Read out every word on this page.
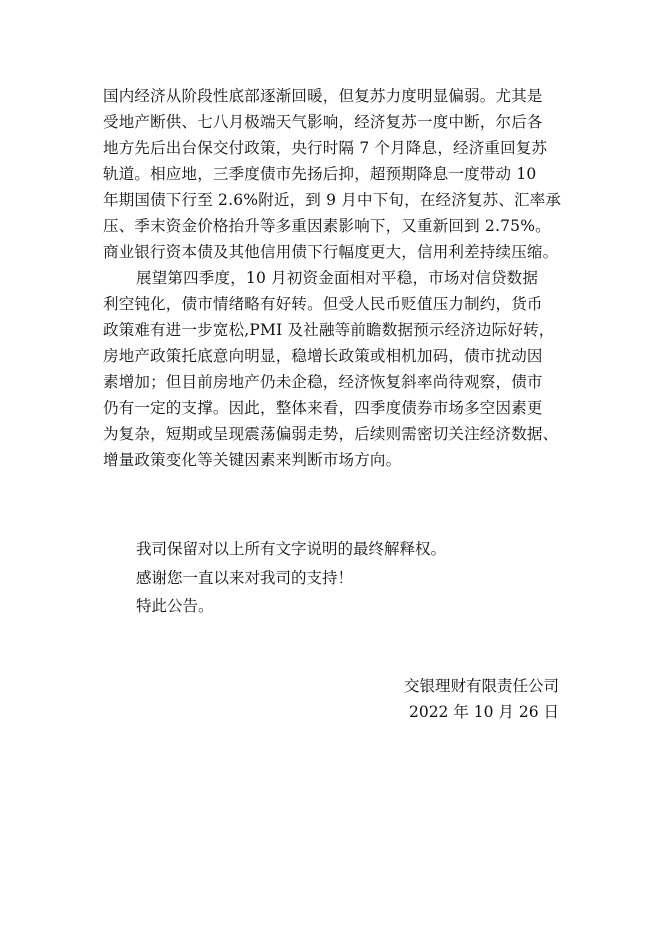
国内经济从阶段性底部逐渐回暖，但复苏力度明显偏弱。尤其是
受地产断供、七八月极端天气影响，经济复苏一度中断，尔后各
地方先后出台保交付政策，央行时隔 7 个月降息，经济重回复苏
轨道。相应地，三季度债市先扬后抑，超预期降息一度带动 10
年期国债下行至 2.6%附近，到 9 月中下旬，在经济复苏、汇率承
压、季末资金价格抬升等多重因素影响下，又重新回到 2.75%。
商业银行资本债及其他信用债下行幅度更大，信用利差持续压缩。
展望第四季度，10 月初资金面相对平稳，市场对信贷数据
利空钝化，债市情绪略有好转。但受人民币贬值压力制约，货币
政策难有进一步宽松,PMI 及社融等前瞻数据预示经济边际好转，
房地产政策托底意向明显，稳增长政策或相机加码，债市扰动因
素增加；但目前房地产仍未企稳，经济恢复斜率尚待观察，债市
仍有一定的支撑。因此，整体来看，四季度债券市场多空因素更
为复杂，短期或呈现震荡偏弱走势，后续则需密切关注经济数据、
增量政策变化等关键因素来判断市场方向。
我司保留对以上所有文字说明的最终解释权。
感谢您一直以来对我司的支持！
特此公告。
交银理财有限责任公司
2022 年 10 月 26 日
